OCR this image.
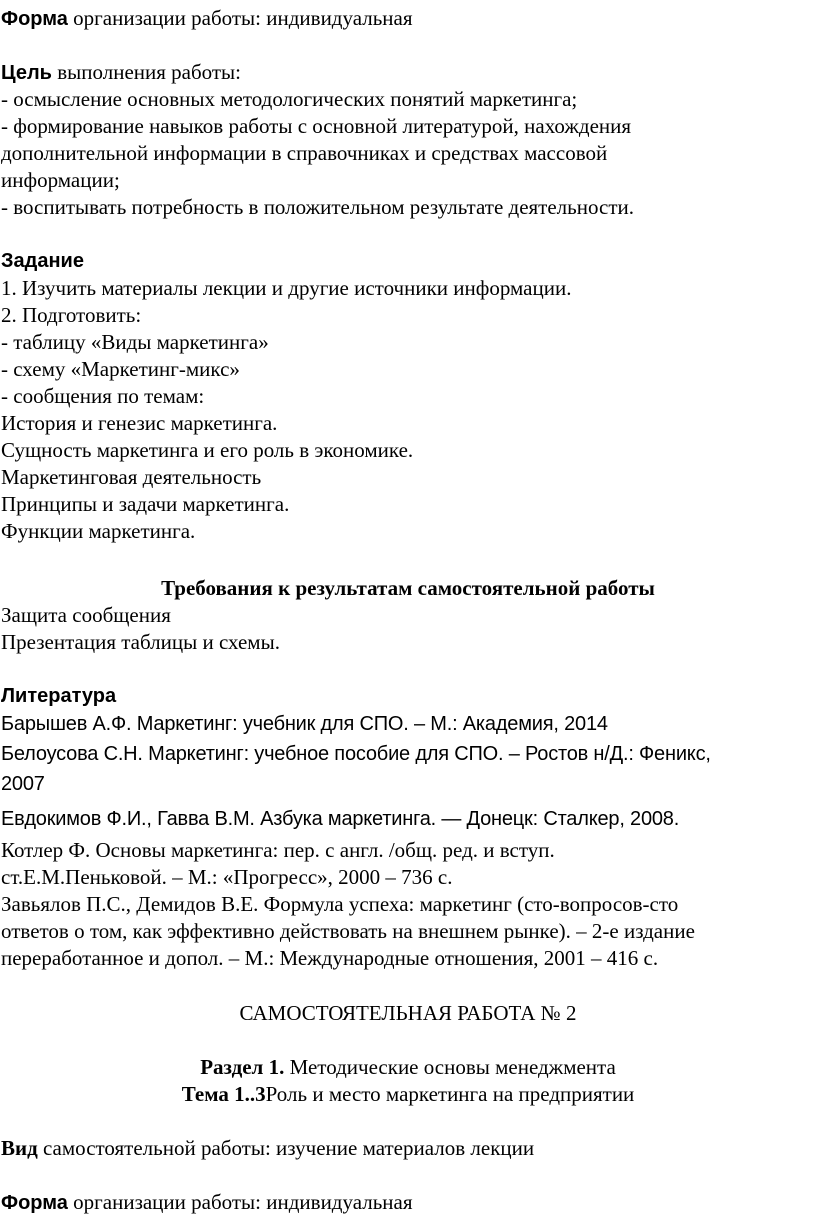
Форма организации работы: индивидуальная
Цель выполнения работы:
- осмысление основных методологических понятий маркетинга;
- формирование навыков работы с основной литературой, нахождения
дополнительной информации в справочниках и средствах массовой
информации;
- воспитывать потребность в положительном результате деятельности.
Задание
1. Изучить материалы лекции и другие источники информации.
2. Подготовить:
- таблицу «Виды маркетинга»
- схему «Маркетинг-микс»
- сообщения по темам:
История и генезис маркетинга.
Сущность маркетинга и его роль в экономике.
Маркетинговая деятельность
Принципы и задачи маркетинга.
Функции маркетинга.
Требования к результатам самостоятельной работы
Защита сообщения
Презентация таблицы и схемы.
Литература
Барышев А.Ф. Маркетинг: учебник для СПО. – М.: Академия, 2014
Белоусова С.Н. Маркетинг: учебное пособие для СПО. – Ростов н/Д.: Феникс,
2007
Евдокимов Ф.И., Гавва В.М. Азбука маркетинга. — Донецк: Сталкер, 2008.
Котлер Ф. Основы маркетинга: пер. с англ. /общ. ред. и вступ.
ст.Е.М.Пеньковой. – М.: «Прогресс», 2000 – 736 с.
Завьялов П.С., Демидов В.Е. Формула успеха: маркетинг (сто-вопросов-сто
ответов о том, как эффективно действовать на внешнем рынке). – 2-е издание
переработанное и допол. – М.: Международные отношения, 2001 – 416 с.
САМОСТОЯТЕЛЬНАЯ РАБОТА № 2
Раздел 1. Методические основы менеджмента
Тема 1..3Роль и место маркетинга на предприятии
Вид самостоятельной работы: изучение материалов лекции
Форма организации работы: индивидуальная
